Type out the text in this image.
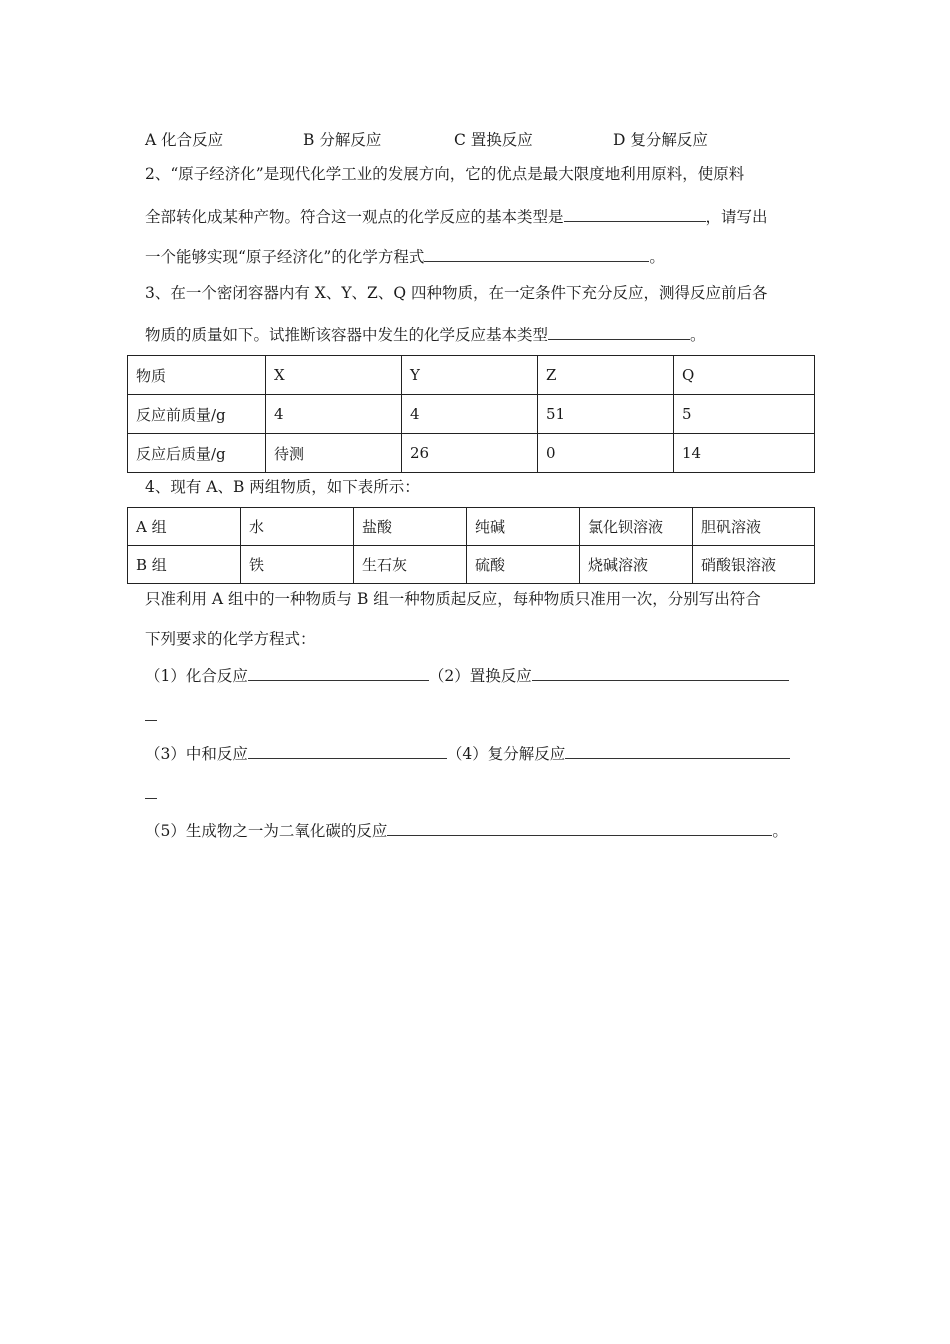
A 化合反应	B 分解反应	C 置换反应	D 复分解反应
2、“原子经济化”是现代化学工业的发展方向，它的优点是最大限度地利用原料，使原料
全部转化成某种产物。符合这一观点的化学反应的基本类型是	，请写出
一个能够实现“原子经济化”的化学方程式	。
3、在一个密闭容器内有 X、Y、Z、Q 四种物质，在一定条件下充分反应，测得反应前后各
物质的质量如下。试推断该容器中发生的化学反应基本类型	。
物质	X	Y	Z	Q
反应前质量/g	4	4	51	5
反应后质量/g	待测	26	0	14
4、现有 A、B 两组物质，如下表所示：
A 组	水	盐酸	纯碱	氯化钡溶液	胆矾溶液
B 组	铁	生石灰	硫酸	烧碱溶液	硝酸银溶液
只准利用 A 组中的一种物质与 B 组一种物质起反应，每种物质只准用一次，分别写出符合
下列要求的化学方程式：
（1）化合反应	（2）置换反应
（3）中和反应	（4）复分解反应
（5）生成物之一为二氧化碳的反应	。
